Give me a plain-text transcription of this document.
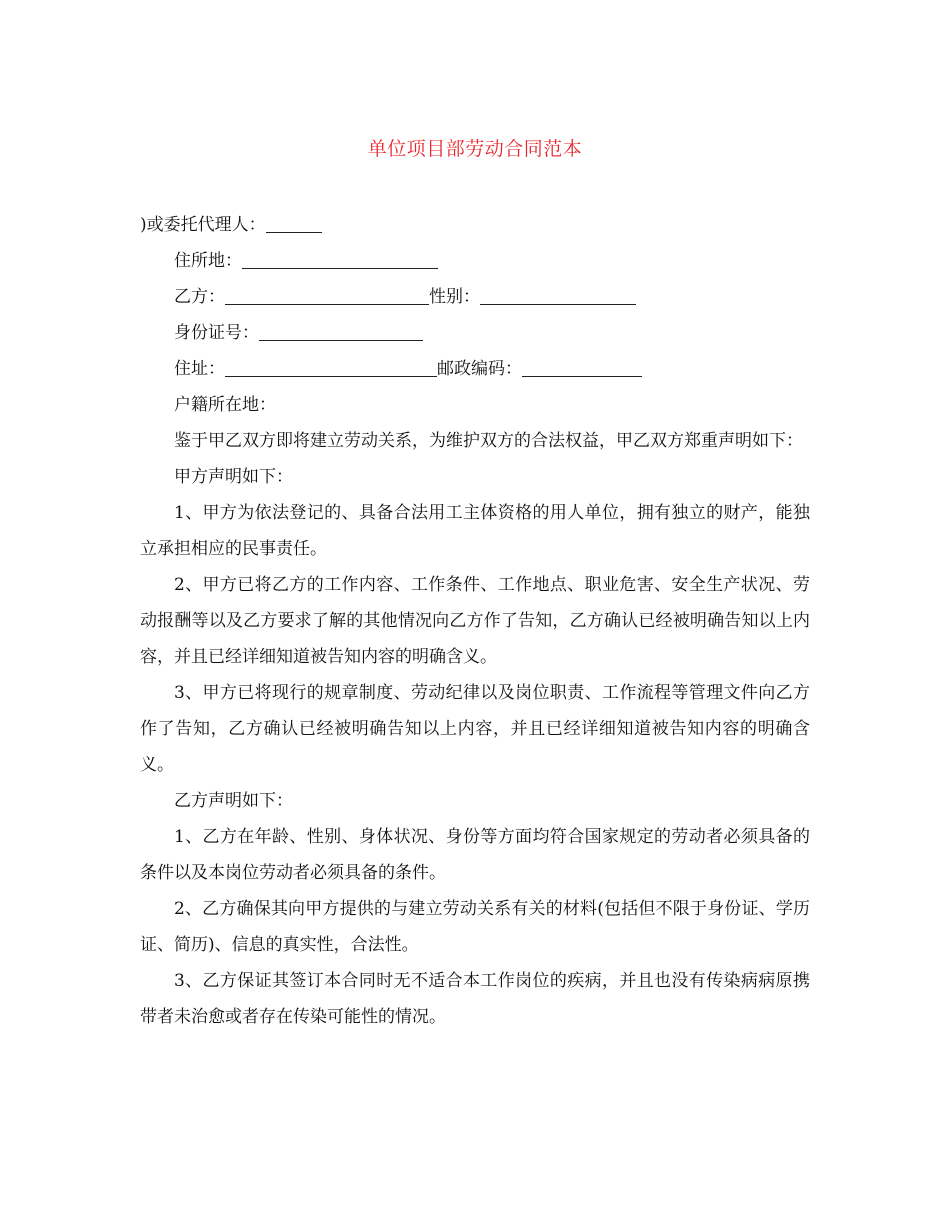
单位项目部劳动合同范本
)或委托代理人：
住所地：
乙方：	性别：
身份证号：
住址：	邮政编码：
户籍所在地：
鉴于甲乙双方即将建立劳动关系，为维护双方的合法权益，甲乙双方郑重声明如下：
甲方声明如下：
1、甲方为依法登记的、具备合法用工主体资格的用人单位，拥有独立的财产，能独立承担相应的民事责任。
2、甲方已将乙方的工作内容、工作条件、工作地点、职业危害、安全生产状况、劳动报酬等以及乙方要求了解的其他情况向乙方作了告知，乙方确认已经被明确告知以上内容，并且已经详细知道被告知内容的明确含义。
3、甲方已将现行的规章制度、劳动纪律以及岗位职责、工作流程等管理文件向乙方作了告知，乙方确认已经被明确告知以上内容，并且已经详细知道被告知内容的明确含义。
乙方声明如下：
1、乙方在年龄、性别、身体状况、身份等方面均符合国家规定的劳动者必须具备的条件以及本岗位劳动者必须具备的条件。
2、乙方确保其向甲方提供的与建立劳动关系有关的材料(包括但不限于身份证、学历证、简历)、信息的真实性，合法性。
3、乙方保证其签订本合同时无不适合本工作岗位的疾病，并且也没有传染病病原携带者未治愈或者存在传染可能性的情况。
